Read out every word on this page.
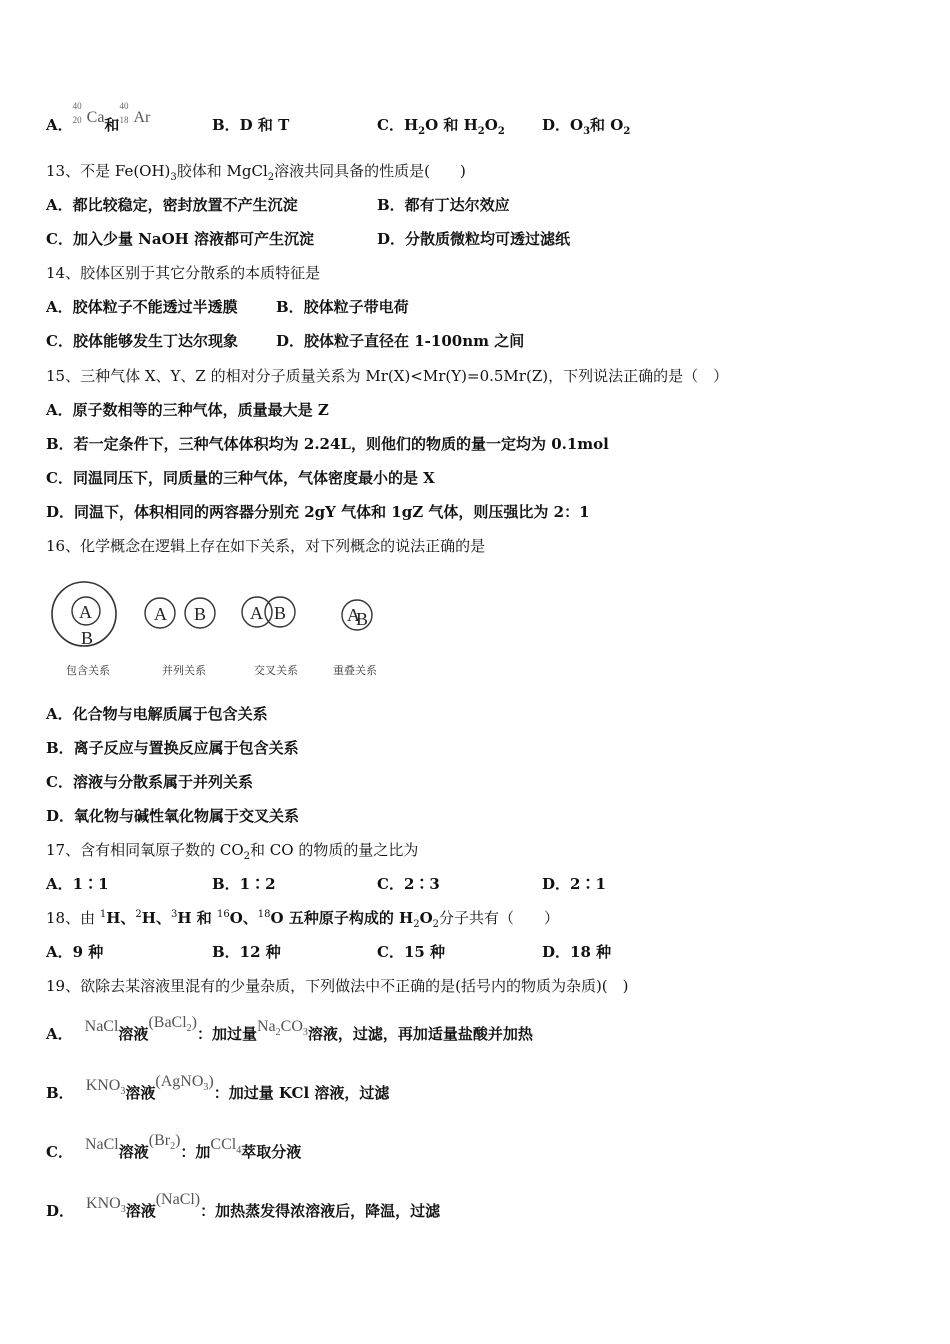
A．
40
20 Ca和
40
18 Ar	B．D 和 T	C．$H_2O$ 和 $H_2O_2$ D．$O_3$和 $O_2$
13、不是 $Fe(OH)_3$胶体和 MgCl$_2$溶液共同具备的性质是(　　)
A．都比较稳定，密封放置不产生沉淀	B．都有丁达尔效应
C．加入少量 NaOH 溶液都可产生沉淀	D．分散质微粒均可透过滤纸
14、胶体区别于其它分散系的本质特征是
A．胶体粒子不能透过半透膜	B．胶体粒子带电荷
C．胶体能够发生丁达尔现象	D．胶体粒子直径在 1-100nm 之间
15、三种气体 X、Y、Z 的相对分子质量关系为 Mr(X)<Mr(Y)=0.5Mr(Z)，下列说法正确的是（　）
A．原子数相等的三种气体，质量最大是 Z
B．若一定条件下，三种气体体积均为 2.24L，则他们的物质的量一定均为 0.1mol
C．同温同压下，同质量的三种气体，气体密度最小的是 X
D．同温下，体积相同的两容器分别充 2gY 气体和 1gZ 气体，则压强比为 2：1
16、化学概念在逻辑上存在如下关系，对下列概念的说法正确的是
A
B
A B A B	A
B
包含关系	并列关系	交叉关系	重叠关系
A．化合物与电解质属于包含关系
B．离子反应与置换反应属于包含关系
C．溶液与分散系属于并列关系
D．氧化物与碱性氧化物属于交叉关系
17、含有相同氧原子数的 $CO_2$和 CO 的物质的量之比为
A．1∶1	B．1∶2	C．2∶3	D．2∶1
18、由 $^1$H、$^2$H、$^3$H 和 $^{16}$O、$^{18}$O 五种原子构成的 $H_2O_2$分子共有（　　）
A．9 种	B．12 种	C．15 种	D．18 种
19、欲除去某溶液里混有的少量杂质，下列做法中不正确的是(括号内的物质为杂质)(　)
A． NaCl溶液(BaCl$_2$)：加过量$Na_2CO_3$溶液，过滤，再加适量盐酸并加热
B． $KNO_3$溶液(AgNO$_3$)：加过量 KCl 溶液，过滤
C． NaCl溶液$(Br_2)$：加CCl$_4$萃取分液
D． $KNO_3$溶液(NaCl)：加热蒸发得浓溶液后，降温，过滤
